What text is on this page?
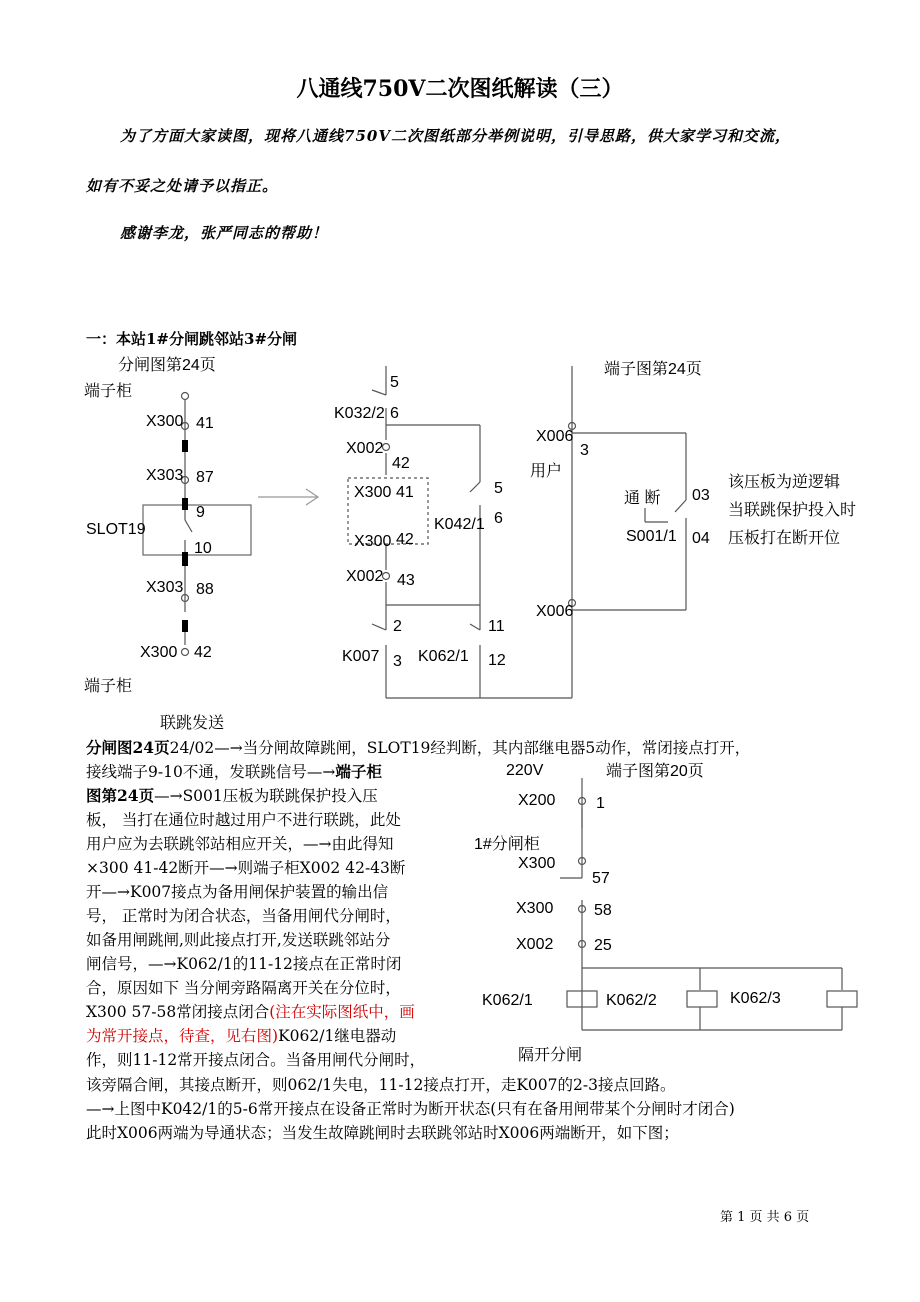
八通线750V二次图纸解读（三）
为了方面大家读图，现将八通线750V二次图纸部分举例说明，引导思路，供大家学习和交流，
如有不妥之处请予以指正。
感谢李龙，张严同志的帮助！
一：本站1#分闸跳邻站3#分闸
分闸图第24页	端子图第24页
端子柜
端子柜
联跳发送
X300 41
X303 87
SLOT19
9
10
X303 88
X300 42
5
K032/2 6
X002
42
X300 41
X300 42
5
K042/1 6
X002 43
2
K007 3 K062/1
11
12
X006
3
用户
通 断 03
S001/1 04
X006
该压板为逆逻辑
当联跳保护投入时
压板打在断开位
220V	端子图第20页
X200	1
1#分闸柜
X300
57
X300	58
X002	25
K062/1	K062/2	K062/3
隔开分闸
分闸图24页24/02—→当分闸故障跳闸，SLOT19经判断，其内部继电器5动作，常闭接点打开，
接线端子9-10不通，发联跳信号—→端子柜
图第24页—→S001压板为联跳保护投入压
板， 当打在通位时越过用户不进行联跳，此处
用户应为去联跳邻站相应开关，—→由此得知
×300 41-42断开—→则端子柜X002 42-43断
开—→K007接点为备用闸保护装置的输出信
号， 正常时为闭合状态，当备用闸代分闸时，
如备用闸跳闸,则此接点打开,发送联跳邻站分
闸信号，—→K062/1的11-12接点在正常时闭
合，原因如下 当分闸旁路隔离开关在分位时，
X300 57-58常闭接点闭合(注在实际图纸中，画
为常开接点，待查，见右图)K062/1继电器动
作，则11-12常开接点闭合。当备用闸代分闸时，
该旁隔合闸，其接点断开，则062/1失电，11-12接点打开，走K007的2-3接点回路。
—→上图中K042/1的5-6常开接点在设备正常时为断开状态(只有在备用闸带某个分闸时才闭合)
此时X006两端为导通状态；当发生故障跳闸时去联跳邻站时X006两端断开，如下图；
第 1 页 共 6 页
